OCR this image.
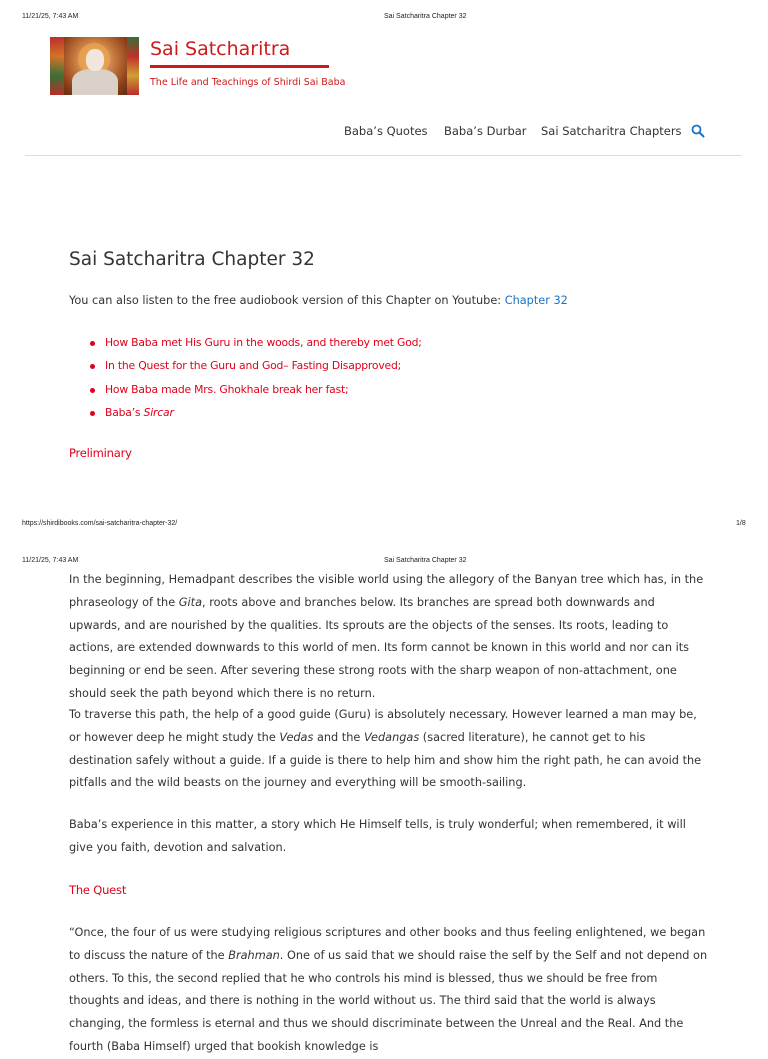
11/21/25, 7:43 AM	Sai Satcharitra Chapter 32
Sai Satcharitra
The Life and Teachings of Shirdi Sai Baba
Baba’s Quotes Baba’s Durbar Sai Satcharitra Chapters
Sai Satcharitra Chapter 32
You can also listen to the free audiobook version of this Chapter on Youtube: Chapter 32
How Baba met His Guru in the woods, and thereby met God;
In the Quest for the Guru and God– Fasting Disapproved;
How Baba made Mrs. Ghokhale break her fast;
Baba’s Sircar
Preliminary
https://shirdibooks.com/sai-satcharitra-chapter-32/	1/8
11/21/25, 7:43 AM	Sai Satcharitra Chapter 32
In the beginning, Hemadpant describes the visible world using the allegory of the Banyan tree which has, in the phraseology of the Gita, roots above and branches below. Its branches are spread both downwards and upwards, and are nourished by the qualities. Its sprouts are the objects of the senses. Its roots, leading to actions, are extended downwards to this world of men. Its form cannot be known in this world and nor can its beginning or end be seen. After severing these strong roots with the sharp weapon of non-attachment, one should seek the path beyond which there is no return.
To traverse this path, the help of a good guide (Guru) is absolutely necessary. However learned a man may be, or however deep he might study the Vedas and the Vedangas (sacred literature), he cannot get to his destination safely without a guide. If a guide is there to help him and show him the right path, he can avoid the pitfalls and the wild beasts on the journey and everything will be smooth-sailing.
Baba’s experience in this matter, a story which He Himself tells, is truly wonderful; when remembered, it will give you faith, devotion and salvation.
The Quest
“Once, the four of us were studying religious scriptures and other books and thus feeling enlightened, we began to discuss the nature of the Brahman. One of us said that we should raise the self by the Self and not depend on others. To this, the second replied that he who controls his mind is blessed, thus we should be free from thoughts and ideas, and there is nothing in the world without us. The third said that the world is always changing, the formless is eternal and thus we should discriminate between the Unreal and the Real. And the fourth (Baba Himself) urged that bookish knowledge is
